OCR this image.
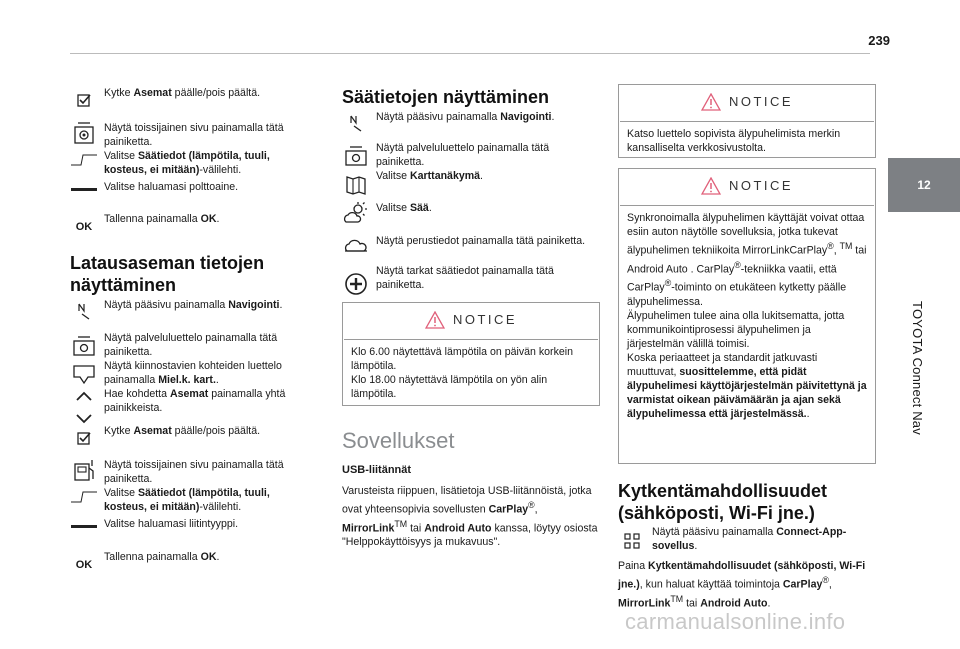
239
12
TOYOTA Connect Nav
Kytke Asemat päälle/pois päältä.
Näytä toissijainen sivu painamalla tätä painiketta.
Valitse Säätiedot (lämpötila, tuuli, kosteus, ei mitään)-välilehti.
Valitse haluamasi polttoaine.
OK
Tallenna painamalla OK.
Latausaseman tietojen näyttäminen
Näytä pääsivu painamalla Navigointi.
Näytä palveluluettelo painamalla tätä painiketta.
Näytä kiinnostavien kohteiden luettelo painamalla Miel.k. kart..
Hae kohdetta Asemat painamalla yhtä painikkeista.
Kytke Asemat päälle/pois päältä.
Näytä toissijainen sivu painamalla tätä painiketta.
Valitse Säätiedot (lämpötila, tuuli, kosteus, ei mitään)-välilehti.
Valitse haluamasi liitintyyppi.
OK
Tallenna painamalla OK.
Säätietojen näyttäminen
Näytä pääsivu painamalla Navigointi.
Näytä palveluluettelo painamalla tätä painiketta.
Valitse Karttanäkymä.
Valitse Sää.
Näytä perustiedot painamalla tätä painiketta.
Näytä tarkat säätiedot painamalla tätä painiketta.
NOTICE
Klo 6.00 näytettävä lämpötila on päivän korkein lämpötila.
Klo 18.00 näytettävä lämpötila on yön alin lämpötila.
Sovellukset
USB-liitännät
Varusteista riippuen, lisätietoja USB-liitännöistä, jotka ovat yhteensopivia sovellusten CarPlay®, MirrorLink™ tai Android Auto kanssa, löytyy osiosta "Helppokäyttöisyys ja mukavuus".
NOTICE
Katso luettelo sopivista älypuhelimista merkin kansalliselta verkkosivustolta.
NOTICE
Synkronoimalla älypuhelimen käyttäjät voivat ottaa esiin auton näytölle sovelluksia, jotka tukevat älypuhelimen tekniikoita MirrorLinkCarPlay®, ™ tai Android Auto . CarPlay®-tekniikka vaatii, että CarPlay®-toiminto on etukäteen kytketty päälle älypuhelimessa.
Älypuhelimen tulee aina olla lukitsematta, jotta kommunikointiprosessi älypuhelimen ja järjestelmän välillä toimisi.
Koska periaatteet ja standardit jatkuvasti muuttuvat, suosittelemme, että pidät älypuhelimesi käyttöjärjestelmän päivitettynä ja varmistat oikean päivämäärän ja ajan sekä älypuhelimessa että järjestelmässä..
Kytkentämahdollisuudet (sähköposti, Wi-Fi jne.)
Näytä pääsivu painamalla Connect-App-sovellus.
Paina Kytkentämahdollisuudet (sähköposti, Wi-Fi jne.), kun haluat käyttää toimintoja CarPlay®, MirrorLink™ tai Android Auto.
carmanualsonline.info
